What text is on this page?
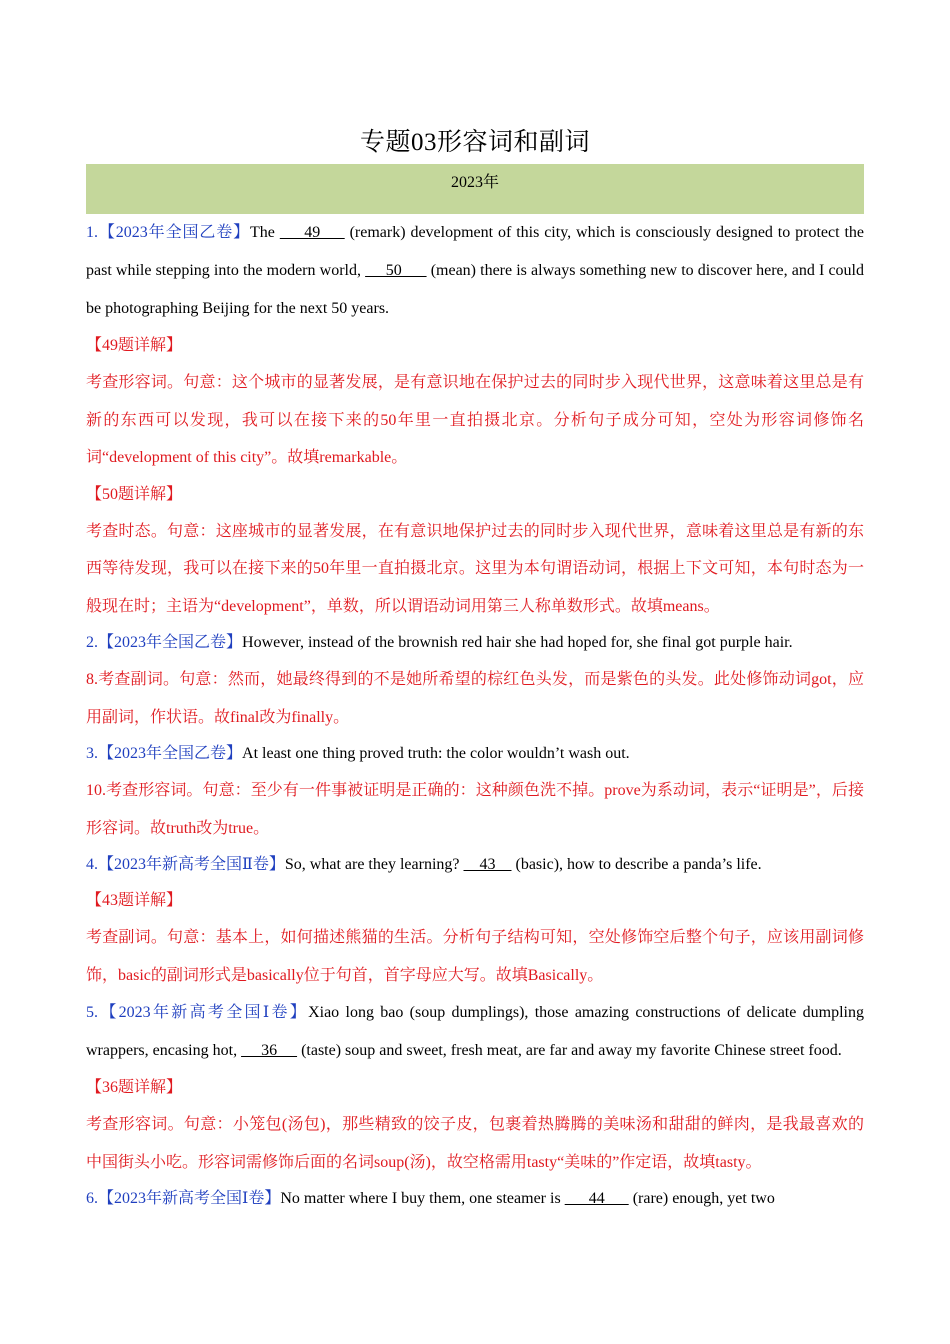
专题03形容词和副词
2023年

1.【2023年全国乙卷】The      49      (remark) development of this city, which is consciously designed to protect the past while stepping into the modern world,      50       (mean) there is always something new to discover here, and I could be photographing Beijing for the next 50 years.

【49题详解】

考查形容词。句意：这个城市的显著发展，是有意识地在保护过去的同时步入现代世界，这意味着这里总是有新的东西可以发现，我可以在接下来的50年里一直拍摄北京。分析句子成分可知，空处为形容词修饰名词“development of this city”。故填remarkable。

【50题详解】

考查时态。句意：这座城市的显著发展，在有意识地保护过去的同时步入现代世界，意味着这里总是有新的东西等待发现，我可以在接下来的50年里一直拍摄北京。这里为本句谓语动词，根据上下文可知，本句时态为一般现在时；主语为“development”，单数，所以谓语动词用第三人称单数形式。故填means。

2.【2023年全国乙卷】However, instead of the brownish red hair she had hoped for, she final got purple hair.

8.考查副词。句意：然而，她最终得到的不是她所希望的棕红色头发，而是紫色的头发。此处修饰动词got，应用副词，作状语。故final改为finally。

3.【2023年全国乙卷】At least one thing proved truth: the color wouldn’t wash out.

10.考查形容词。句意：至少有一件事被证明是正确的：这种颜色洗不掉。prove为系动词，表示“证明是”，后接形容词。故truth改为true。

4.【2023年新高考全国Ⅱ卷】So, what are they learning?     43     (basic), how to describe a panda’s life.

【43题详解】

考查副词。句意：基本上，如何描述熊猫的生活。分析句子结构可知，空处修饰空后整个句子，应该用副词修饰，basic的副词形式是basically位于句首，首字母应大写。故填Basically。

5.【2023年新高考全国Ⅰ卷】Xiao long bao (soup dumplings), those amazing constructions of delicate dumpling wrappers, encasing hot,      36      (taste) soup and sweet, fresh meat, are far and away my favorite Chinese street food.

【36题详解】

考查形容词。句意：小笼包(汤包)，那些精致的饺子皮，包裹着热腾腾的美味汤和甜甜的鲜肉，是我最喜欢的中国街头小吃。形容词需修饰后面的名词soup(汤)，故空格需用tasty“美味的”作定语，故填tasty。

6.【2023年新高考全国Ⅰ卷】No matter where I buy them, one steamer is       44       (rare) enough, yet two
